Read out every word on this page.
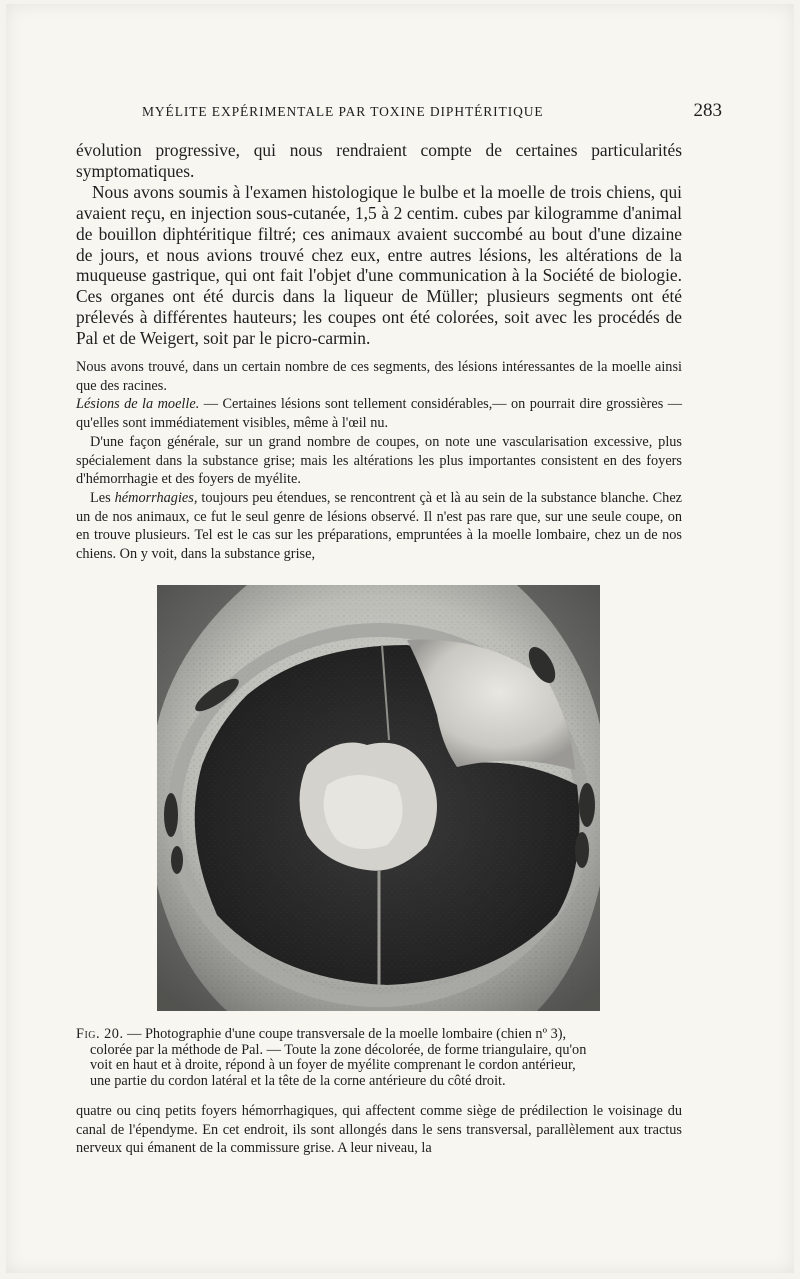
MYÉLITE EXPÉRIMENTALE PAR TOXINE DIPHTÉRITIQUE	283

évolution progressive, qui nous rendraient compte de certaines particularités symptomatiques.

Nous avons soumis à l'examen histologique le bulbe et la moelle de trois chiens, qui avaient reçu, en injection sous-cutanée, 1,5 à 2 centim. cubes par kilogramme d'animal de bouillon diphtéritique filtré; ces animaux avaient succombé au bout d'une dizaine de jours, et nous avions trouvé chez eux, entre autres lésions, les altérations de la muqueuse gastrique, qui ont fait l'objet d'une communication à la Société de biologie. Ces organes ont été durcis dans la liqueur de Müller; plusieurs segments ont été prélevés à différentes hauteurs; les coupes ont été colorées, soit avec les procédés de Pal et de Weigert, soit par le picro-carmin.

Nous avons trouvé, dans un certain nombre de ces segments, des lésions intéressantes de la moelle ainsi que des racines.

Lésions de la moelle. — Certaines lésions sont tellement considérables,— on pourrait dire grossières — qu'elles sont immédiatement visibles, même à l'œil nu.

D'une façon générale, sur un grand nombre de coupes, on note une vascularisation excessive, plus spécialement dans la substance grise; mais les altérations les plus importantes consistent en des foyers d'hémorrhagie et des foyers de myélite.

Les hémorrhagies, toujours peu étendues, se rencontrent çà et là au sein de la substance blanche. Chez un de nos animaux, ce fut le seul genre de lésions observé. Il n'est pas rare que, sur une seule coupe, on en trouve plusieurs. Tel est le cas sur les préparations, empruntées à la moelle lombaire, chez un de nos chiens. On y voit, dans la substance grise,

Fig. 20. — Photographie d'une coupe transversale de la moelle lombaire (chien nº 3),
colorée par la méthode de Pal. — Toute la zone décolorée, de forme triangulaire, qu'on
voit en haut et à droite, répond à un foyer de myélite comprenant le cordon antérieur,
une partie du cordon latéral et la tête de la corne antérieure du côté droit.

quatre ou cinq petits foyers hémorrhagiques, qui affectent comme siège de prédilection le voisinage du canal de l'épendyme. En cet endroit, ils sont allongés dans le sens transversal, parallèlement aux tractus nerveux qui émanent de la commissure grise. A leur niveau, la
